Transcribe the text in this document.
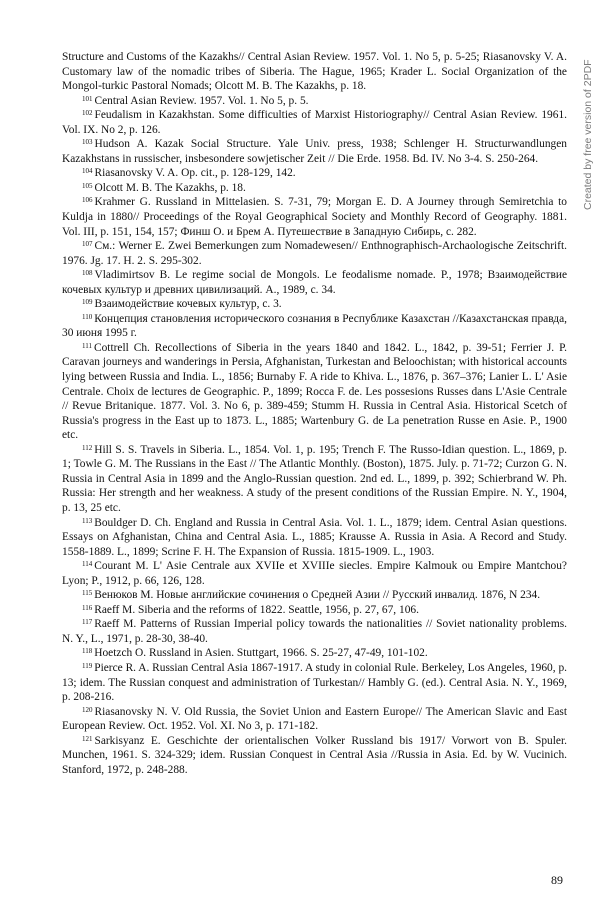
Structure and Customs of the Kazakhs// Central Asian Review. 1957. Vol. 1. No 5, p. 5-25; Riasanovsky V. A. Customary law of the nomadic tribes of Siberia. The Hague, 1965; Krader L. Social Organization of the Mongol-turkic Pastoral Nomads; Olcott M. B. The Kazakhs, p. 18.

$^{101}$ Central Asian Review. 1957. Vol. 1. No 5, p. 5.

$^{102}$ Feudalism in Kazakhstan. Some difficulties of Marxist Historiography// Central Asian Review. 1961. Vol. IX. No 2, p. 126.

$^{103}$ Hudson A. Kazak Social Structure. Yale Univ. press, 1938; Schlenger H. Structurwandlungen Kazakhstans in russischer, insbesondere sowjetischer Zeit // Die Erde. 1958. Bd. IV. No 3-4. S. 250-264.

$^{104}$ Riasanovsky V. A. Op. cit., p. 128-129, 142.

$^{105}$ Olcott M. B. The Kazakhs, p. 18.

$^{106}$ Krahmer G. Russland in Mittelasien. S. 7-31, 79; Morgan E. D. A Journey through Semiretchia to Kuldja in 1880// Proceedings of the Royal Geographical Society and Monthly Record of Geography. 1881. Vol. III, p. 151, 154, 157; Финш О. и Брем А. Путешествие в Западную Сибирь, с. 282.

$^{107}$ См.: Werner E. Zwei Bemerkungen zum Nomadewesen// Enthnographisch-Archaologische Zeitschrift. 1976. Jg. 17. H. 2. S. 295-302.

$^{108}$ Vladimirtsov B. Le regime social de Mongols. Le feodalisme nomade. P., 1978; Взаимодействие кочевых культур и древних цивилизаций. А., 1989, с. 34.

$^{109}$ Взаимодействие кочевых культур, с. 3.

$^{110}$ Концепция становления исторического сознания в Республике Казахстан //Казахстанская правда, 30 июня 1995 г.

$^{111}$ Cottrell Ch. Recollections of Siberia in the years 1840 and 1842. L., 1842, p. 39-51; Ferrier J. P. Caravan journeys and wanderings in Persia, Afghanistan, Turkestan and Beloochistan; with historical accounts lying between Russia and India. L., 1856; Burnaby F. A ride to Khiva. L., 1876, p. 367–376; Lanier L. L' Asie Centrale. Choix de lectures de Geographic. P., 1899; Rocca F. de. Les possesions Russes dans L'Asie Centrale // Revue Britanique. 1877. Vol. 3. No 6, p. 389-459; Stumm H. Russia in Central Asia. Historical Scetch of Russia's progress in the East up to 1873. L., 1885; Wartenbury G. de La penetration Russe en Asie. P., 1900 etc.

$^{112}$ Hill S. S. Travels in Siberia. L., 1854. Vol. 1, p. 195; Trench F. The Russo-Idian question. L., 1869, p. 1; Towle G. M. The Russians in the East // The Atlantic Monthly. (Boston), 1875. July. p. 71-72; Curzon G. N. Russia in Central Asia in 1899 and the Anglo-Russian question. 2nd ed. L., 1899, p. 392; Schierbrand W. Ph. Russia: Her strength and her weakness. A study of the present conditions of the Russian Empire. N. Y., 1904, p. 13, 25 etc.

$^{113}$ Bouldger D. Ch. England and Russia in Central Asia. Vol. 1. L., 1879; idem. Central Asian questions. Essays on Afghanistan, China and Central Asia. L., 1885; Krausse A. Russia in Asia. A Record and Study. 1558-1889. L., 1899; Scrine F. H. The Expansion of Russia. 1815-1909. L., 1903.

$^{114}$ Courant M. L' Asie Centrale aux XVIIe et XVIIIe siecles. Empire Kalmouk ou Empire Mantchou? Lyon; P., 1912, p. 66, 126, 128.

$^{115}$ Венюков М. Новые английские сочинения о Средней Азии // Русский инвалид. 1876, N 234.

$^{116}$ Raeff M. Siberia and the reforms of 1822. Seattle, 1956, p. 27, 67, 106.

$^{117}$ Raeff M. Patterns of Russian Imperial policy towards the nationalities // Soviet nationality problems. N. Y., L., 1971, p. 28-30, 38-40.

$^{118}$ Hoetzch O. Russland in Asien. Stuttgart, 1966. S. 25-27, 47-49, 101-102.

$^{119}$ Pierce R. A. Russian Central Asia 1867-1917. A study in colonial Rule. Berkeley, Los Angeles, 1960, p. 13; idem. The Russian conquest and administration of Turkestan// Hambly G. (ed.). Central Asia. N. Y., 1969, p. 208-216.

$^{120}$ Riasanovsky N. V. Old Russia, the Soviet Union and Eastern Europe// The American Slavic and East European Review. Oct. 1952. Vol. XI. No 3, p. 171-182.

$^{121}$ Sarkisyanz E. Geschichte der orientalischen Volker Russland bis 1917/ Vorwort von B. Spuler. Munchen, 1961. S. 324-329; idem. Russian Conquest in Central Asia //Russia in Asia. Ed. by W. Vucinich. Stanford, 1972, p. 248-288.

Created by free version of 2PDF
89
